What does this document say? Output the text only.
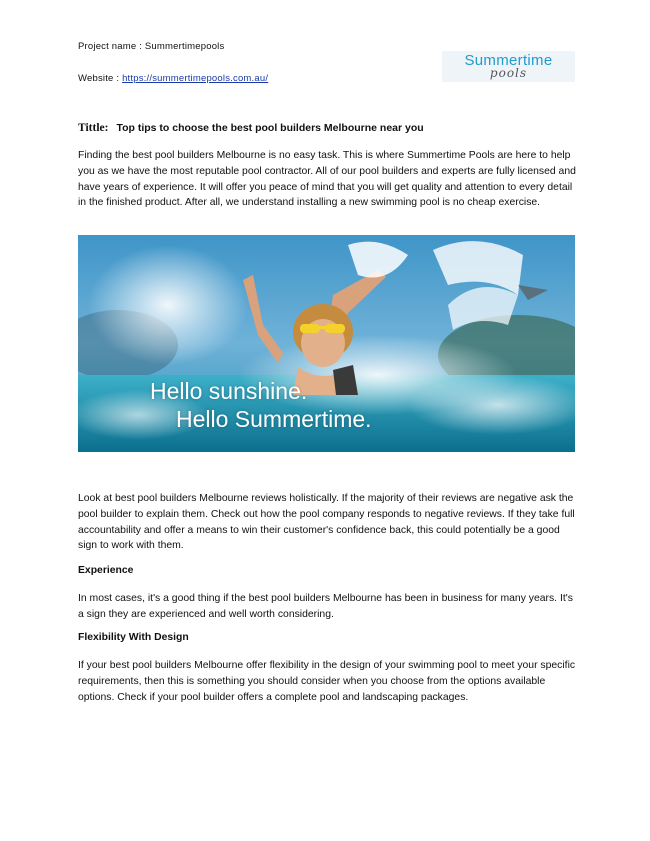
Project name : Summertimepools
Website : https://summertimepools.com.au/
Summertime
pools
Tittle: Top tips to choose the best pool builders Melbourne near you

Finding the best pool builders Melbourne is no easy task. This is where Summertime Pools are here to help you as we have the most reputable pool contractor. All of our pool builders and experts are fully licensed and have years of experience. It will offer you peace of mind that you will get quality and attention to every detail in the finished product. After all, we understand installing a new swimming pool is no cheap exercise.

Hello sunshine.
Hello Summertime.

Look at best pool builders Melbourne reviews holistically. If the majority of their reviews are negative ask the pool builder to explain them. Check out how the pool company responds to negative reviews. If they take full accountability and offer a means to win their customer's confidence back, this could potentially be a good sign to work with them.

Experience

In most cases, it's a good thing if the best pool builders Melbourne has been in business for many years. It's a sign they are experienced and well worth considering.

Flexibility With Design

If your best pool builders Melbourne offer flexibility in the design of your swimming pool to meet your specific requirements, then this is something you should consider when you choose from the options available options. Check if your pool builder offers a complete pool and landscaping packages.
